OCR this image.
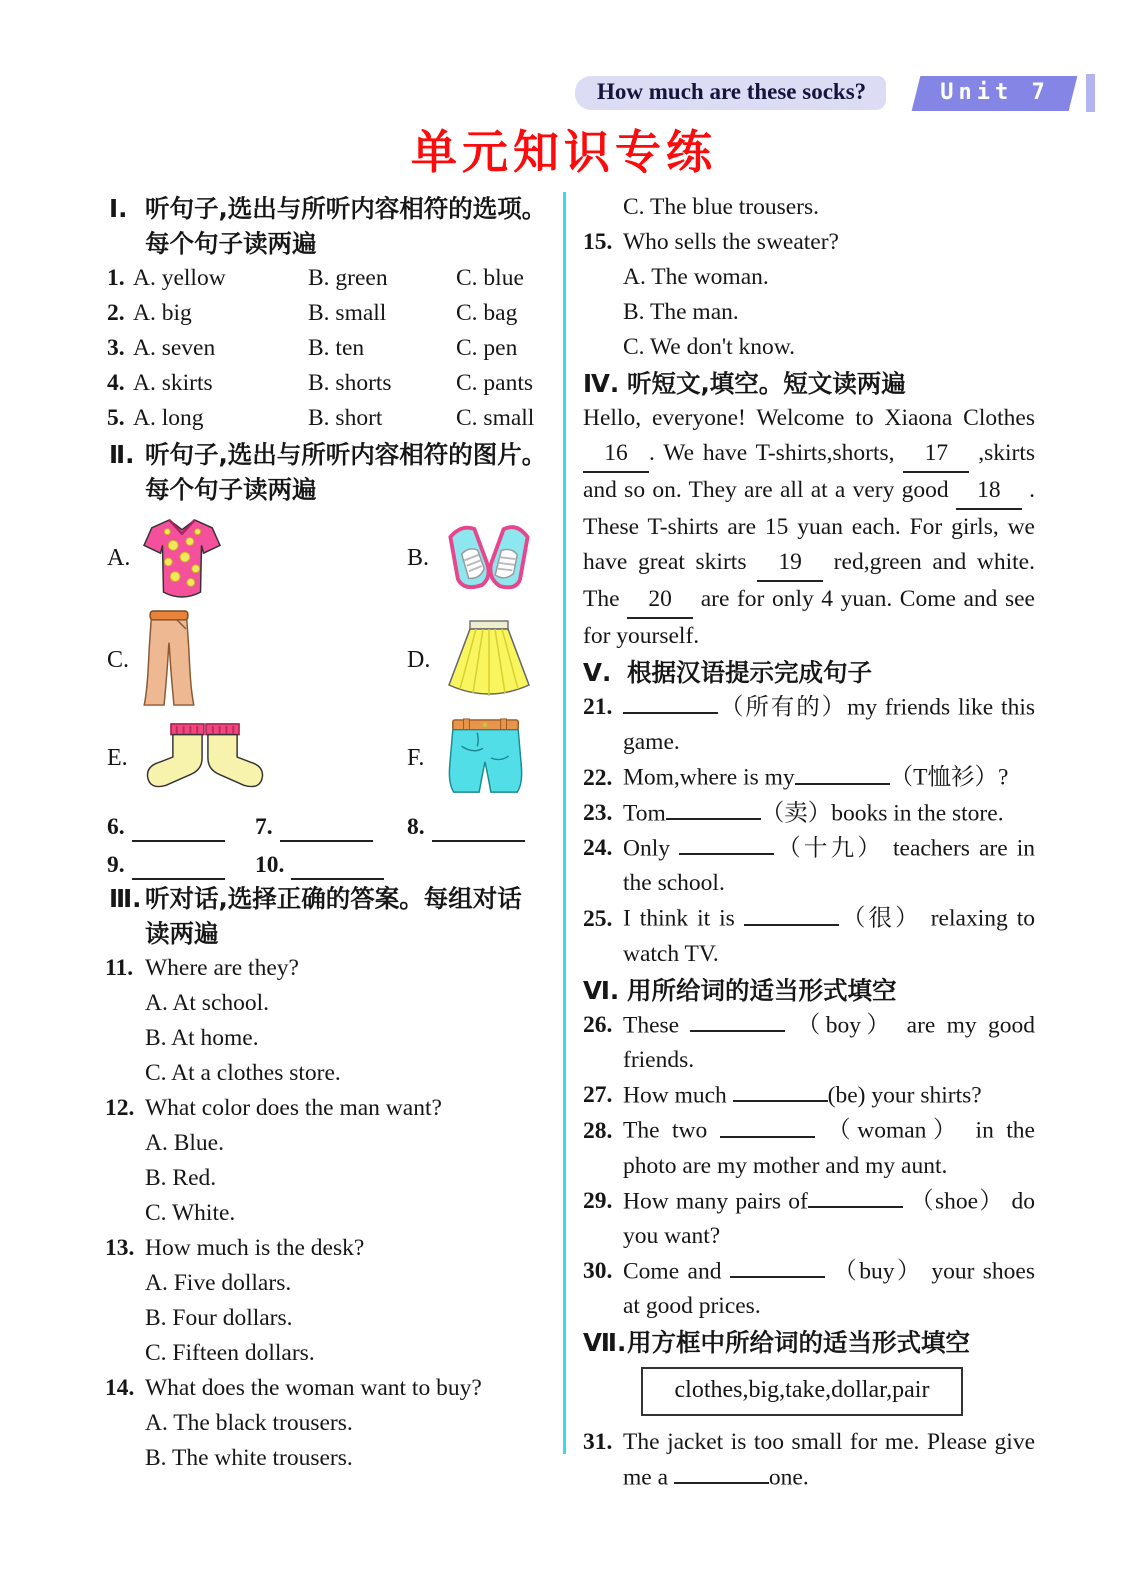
How much are these socks?	Unit 7
单元知识专练
Ⅰ. 听句子,选出与所听内容相符的选项。
每个句子读两遍
1. A. yellow	B. green	C. blue
2. A. big	B. small	C. bag
3. A. seven	B. ten	C. pen
4. A. skirts	B. shorts	C. pants
5. A. long	B. short	C. small
Ⅱ. 听句子,选出与所听内容相符的图片。
每个句子读两遍
A.	B.
C.	D.
E.	F.
6.	7.	8.
9.	10.
Ⅲ. 听对话,选择正确的答案。每组对话
读两遍
11. Where are they?
A. At school.
B. At home.
C. At a clothes store.
12. What color does the man want?
A. Blue.
B. Red.
C. White.
13. How much is the desk?
A. Five dollars.
B. Four dollars.
C. Fifteen dollars.
14. What does the woman want to buy?
A. The black trousers.
B. The white trousers.
C. The blue trousers.
15. Who sells the sweater?
A. The woman.
B. The man.
C. We don't know.
Ⅳ. 听短文,填空。短文读两遍
Hello, everyone! Welcome to Xiaona Clothes 16 . We have T-shirts,shorts, 17 ,skirts and so on. They are all at a very good 18 . These T-shirts are 15 yuan each. For girls, we have great skirts 19 red,green and white. The 20 are for only 4 yuan. Come and see for yourself.
Ⅴ. 根据汉语提示完成句子
21.	（所有的）my friends like this game.
22. Mom,where is my	（T恤衫）?
23. Tom	（卖）books in the store.
24. Only	（十九） teachers are in the school.
25. I think it is	（很） relaxing to watch TV.
Ⅵ. 用所给词的适当形式填空
26. These	（boy） are my good friends.
27. How much	(be) your shirts?
28. The two	（woman） in the photo are my mother and my aunt.
29. How many pairs of	（shoe） do you want?
30. Come and	（buy） your shoes at good prices.
Ⅶ.用方框中所给词的适当形式填空
clothes,big,take,dollar,pair
31. The jacket is too small for me. Please give me a	one.
